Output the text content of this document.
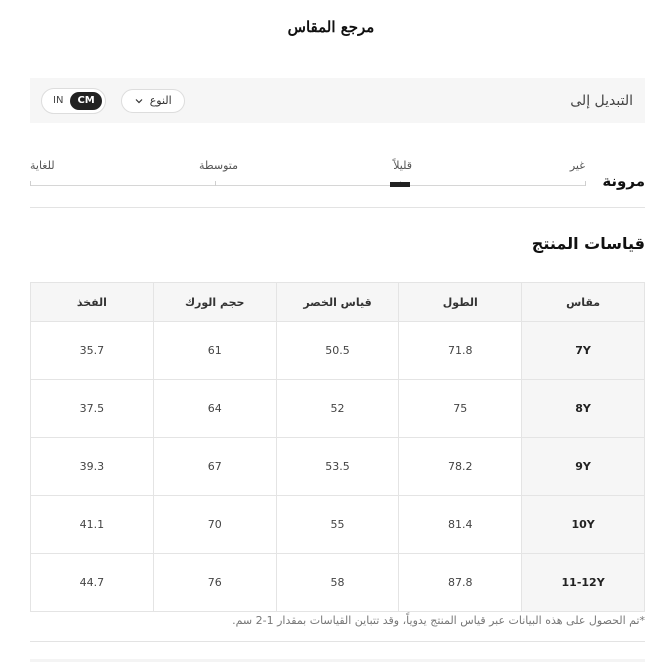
مرجع المقاس
التبديل إلى
IN	CM	النوع
مرونة
غير
قليلاً
متوسطة
للغاية
قياسات المنتج
مقاس	الطول	قياس الخصر	حجم الورك	الفخذ
7Y	71.8	50.5	61	35.7
8Y	75	52	64	37.5
9Y	78.2	53.5	67	39.3
10Y	81.4	55	70	41.1
11-12Y	87.8	58	76	44.7
*تم الحصول على هذه البيانات عبر قياس المنتج يدوياً، وقد تتباين القياسات بمقدار 1-2 سم.
